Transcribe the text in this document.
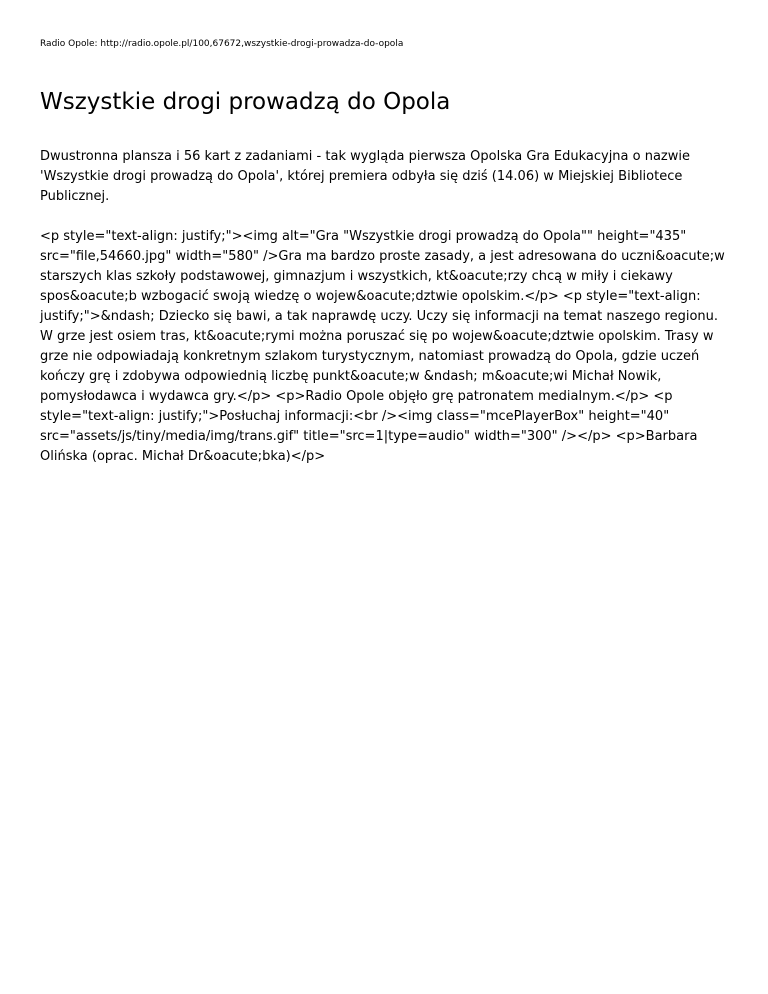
Radio Opole: http://radio.opole.pl/100,67672,wszystkie-drogi-prowadza-do-opola
Wszystkie drogi prowadzą do Opola

Dwustronna plansza i 56 kart z zadaniami - tak wygląda pierwsza Opolska Gra Edukacyjna o nazwie 'Wszystkie drogi prowadzą do Opola', której premiera odbyła się dziś (14.06) w Miejskiej Bibliotece Publicznej.

<p style="text-align: justify;"><img alt="Gra "Wszystkie drogi prowadzą do Opola"" height="435" src="file,54660.jpg" width="580" />Gra ma bardzo proste zasady, a jest adresowana do uczni&oacute;w starszych klas szkoły podstawowej, gimnazjum i wszystkich, kt&oacute;rzy chcą w miły i ciekawy spos&oacute;b wzbogacić swoją wiedzę o wojew&oacute;dztwie opolskim.</p> <p style="text-align: justify;">&ndash; Dziecko się bawi, a tak naprawdę uczy. Uczy się informacji na temat naszego regionu. W grze jest osiem tras, kt&oacute;rymi można poruszać się po wojew&oacute;dztwie opolskim. Trasy w grze nie odpowiadają konkretnym szlakom turystycznym, natomiast prowadzą do Opola, gdzie uczeń kończy grę i zdobywa odpowiednią liczbę punkt&oacute;w &ndash; m&oacute;wi Michał Nowik, pomysłodawca i wydawca gry.</p> <p>Radio Opole objęło grę patronatem medialnym.</p> <p style="text-align: justify;">Posłuchaj informacji:<br /><img class="mcePlayerBox" height="40" src="assets/js/tiny/media/img/trans.gif" title="src=1|type=audio" width="300" /></p> <p>Barbara Olińska (oprac. Michał Dr&oacute;bka)</p>
